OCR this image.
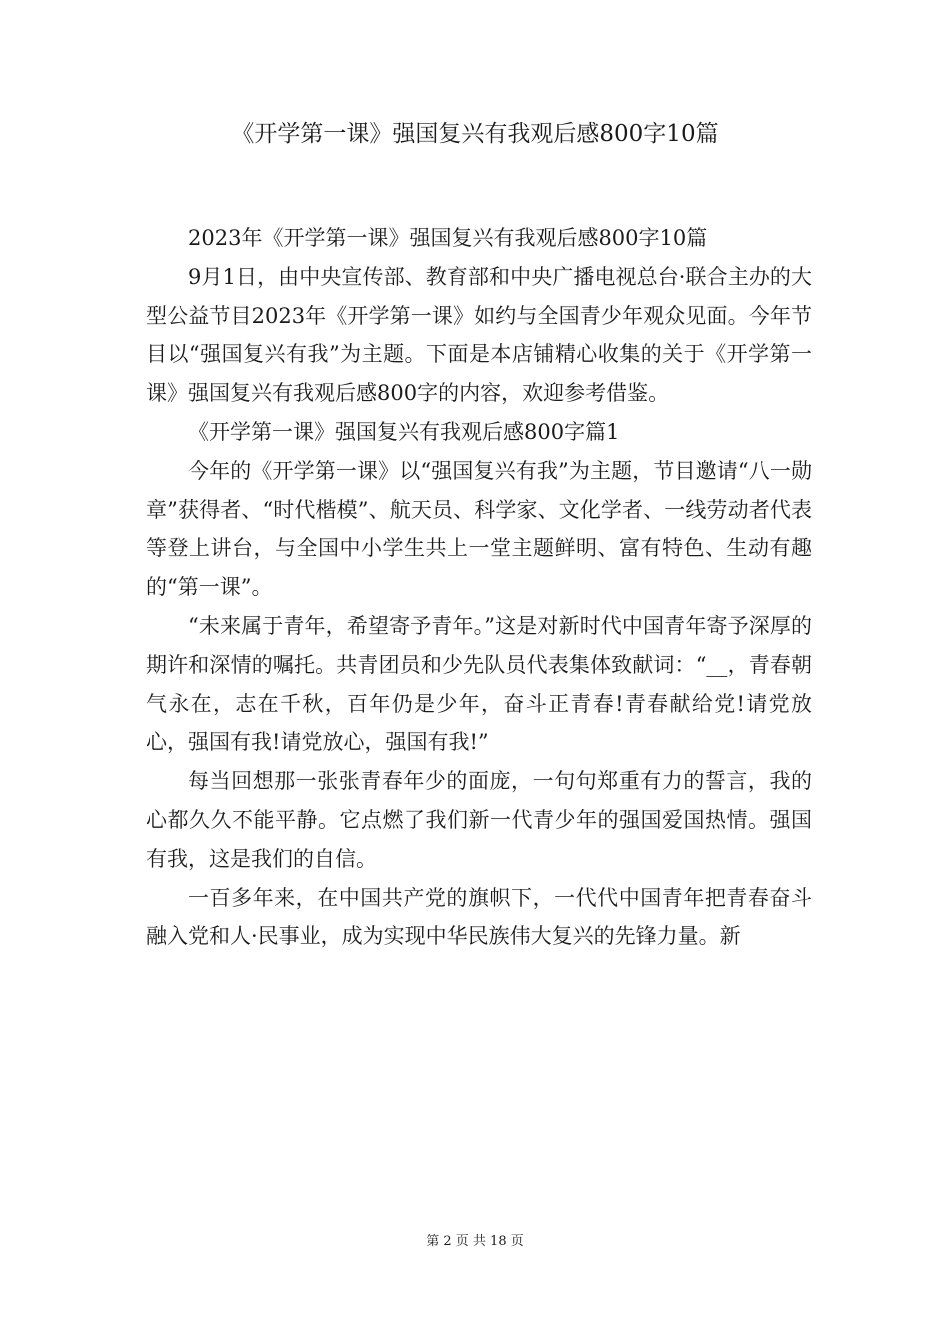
《开学第一课》强国复兴有我观后感800字10篇

2023年《开学第一课》强国复兴有我观后感800字10篇

9月1日，由中央宣传部、教育部和中央广播电视总台·联合主办的大型公益节目2023年《开学第一课》如约与全国青少年观众见面。今年节目以“强国复兴有我”为主题。下面是本店铺精心收集的关于《开学第一课》强国复兴有我观后感800字的内容，欢迎参考借鉴。

《开学第一课》强国复兴有我观后感800字篇1

今年的《开学第一课》以“强国复兴有我”为主题，节目邀请“八一勋章”获得者、“时代楷模”、航天员、科学家、文化学者、一线劳动者代表等登上讲台，与全国中小学生共上一堂主题鲜明、富有特色、生动有趣的“第一课”。

“未来属于青年，希望寄予青年。”这是对新时代中国青年寄予深厚的期许和深情的嘱托。共青团员和少先队员代表集体致献词：“__，青春朝气永在，志在千秋，百年仍是少年，奋斗正青春!青春献给党!请党放心，强国有我!请党放心，强国有我!”

每当回想那一张张青春年少的面庞，一句句郑重有力的誓言，我的心都久久不能平静。它点燃了我们新一代青少年的强国爱国热情。强国有我，这是我们的自信。

一百多年来，在中国共产党的旗帜下，一代代中国青年把青春奋斗融入党和人·民事业，成为实现中华民族伟大复兴的先锋力量。新

第 2 页 共 18 页
